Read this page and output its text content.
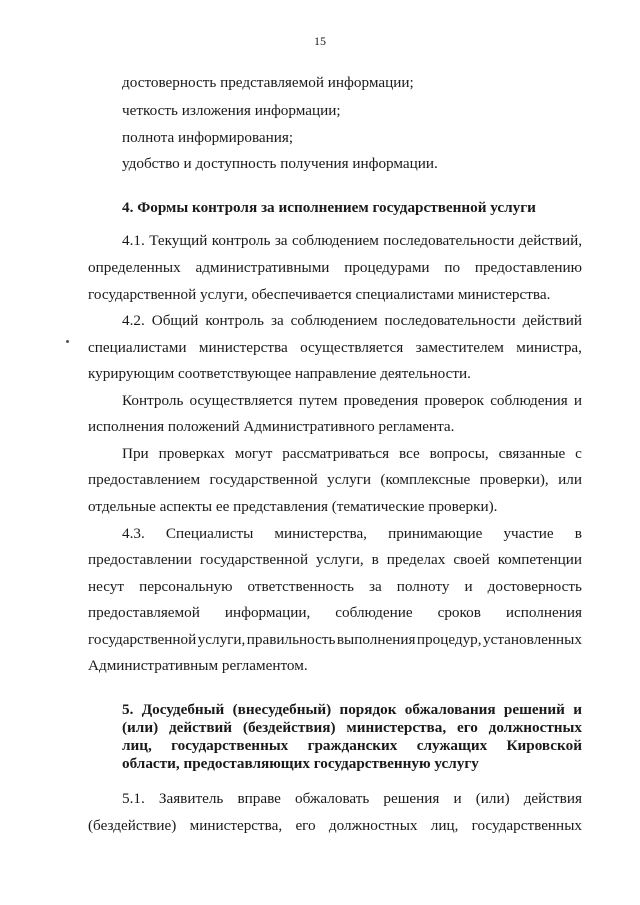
15
достоверность представляемой информации;
четкость изложения информации;
полнота информирования;
удобство и доступность получения информации.
4. Формы контроля за исполнением государственной услуги
4.1. Текущий контроль за соблюдением последовательности действий,
определенных административными процедурами по предоставлению
государственной услуги, обеспечивается специалистами министерства.
4.2. Общий контроль за соблюдением последовательности действий
специалистами министерства осуществляется заместителем министра,
курирующим соответствующее направление деятельности.
Контроль осуществляется путем проведения проверок соблюдения и
исполнения положений Административного регламента.
При проверках могут рассматриваться все вопросы, связанные с
предоставлением государственной услуги (комплексные проверки), или
отдельные аспекты ее представления (тематические проверки).
4.3. Специалисты министерства, принимающие участие в
предоставлении государственной услуги, в пределах своей компетенции
несут персональную ответственность за полноту и достоверность
предоставляемой информации, соблюдение сроков исполнения
государственной услуги, правильность выполнения процедур, установленных
Административным регламентом.
5. Досудебный (внесудебный) порядок обжалования решений и
(или) действий (бездействия) министерства, его должностных
лиц, государственных гражданских служащих Кировской
области, предоставляющих государственную услугу
5.1. Заявитель вправе обжаловать решения и (или) действия
(бездействие) министерства, его должностных лиц, государственных
